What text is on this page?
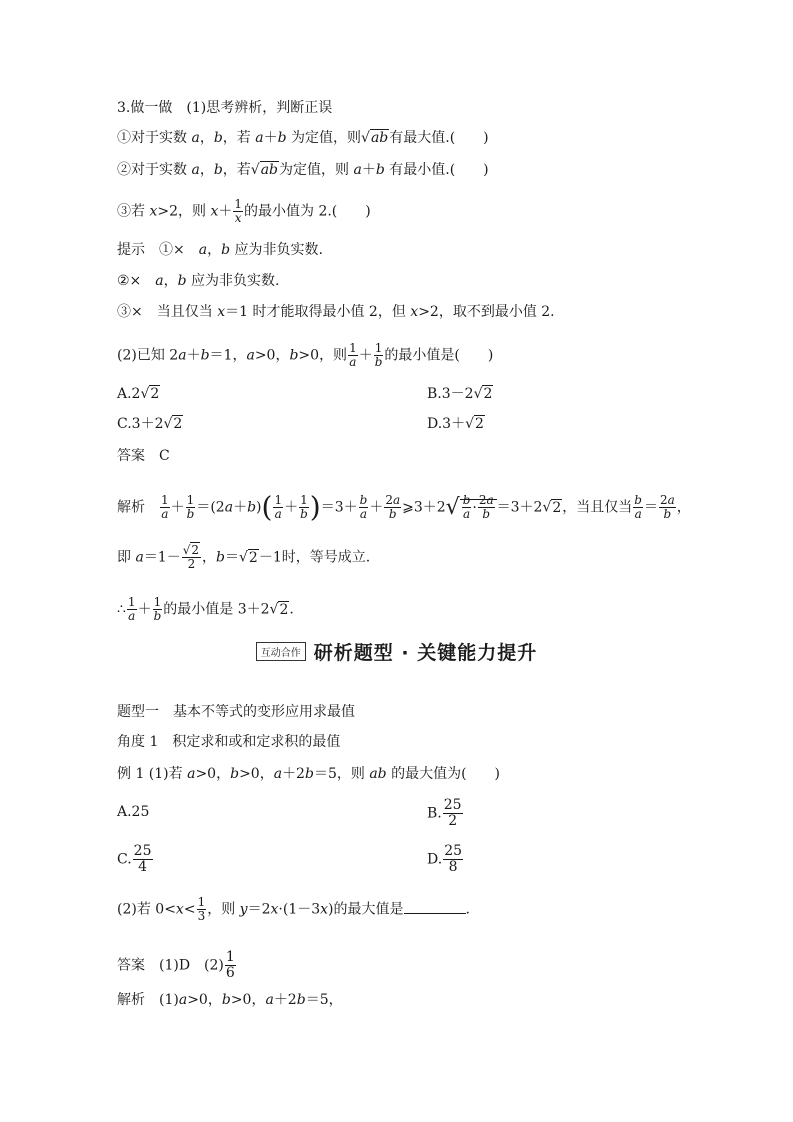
3.做一做　(1)思考辨析，判断正误
①对于实数 a，b，若 a＋b 为定值，则√ab有最大值.(　　)
②对于实数 a，b，若√ab为定值，则 a＋b 有最小值.(　　)
③若 x>2，则 $x+ \frac{1}{x}$ 的最小值为 2.(　　)
提示　①×　a，b 应为非负实数.
②×　a，b 应为非负实数.
③×　当且仅当 x＝1 时才能取得最小值 2，但 x>2，取不到最小值 2.
(2)已知 2a＋b＝1，a>0，b>0，则 $\frac{1}{a} + \frac{1}{b}$ 的最小值是(　　)
A.2√2	B.3－2√2
C.3＋2√2	D.3＋√2
答案　C
解析　 $\frac{1}{a} + \frac{1}{b} =(2a+b)( \frac{1}{a} + \frac{1}{b} )=3+ \frac{b}{a} + \frac{2a}{b}$ ⩾3＋2√ $\frac{b}{a} \cdot \frac{2a}{b} =3+2√2$，当且仅当 $\frac{b}{a} = \frac{2a}{b}$ ，
即 $a=1- \frac{√2}{2}$ ，b＝√2－1时，等号成立.
∴ $\frac{1}{a} + \frac{1}{b}$ 的最小值是 3＋2√2.
互动合作 研析题型 · 关键能力提升
题型一　基本不等式的变形应用求最值
角度 1　积定求和或和定求积的最值
例 1 (1)若 a>0，b>0，a＋2b＝5，则 ab 的最大值为(　　)
A.25	B. $\frac{25}{2}$
C. $\frac{25}{4}$	D. $\frac{25}{8}$
(2)若 $0<x< \frac{1}{3}$ ，则 y＝2x·(1－3x)的最大值是	.
答案　(1)D　$(2) \frac{1}{6}$
解析　(1)a>0，b>0，a＋2b＝5，
